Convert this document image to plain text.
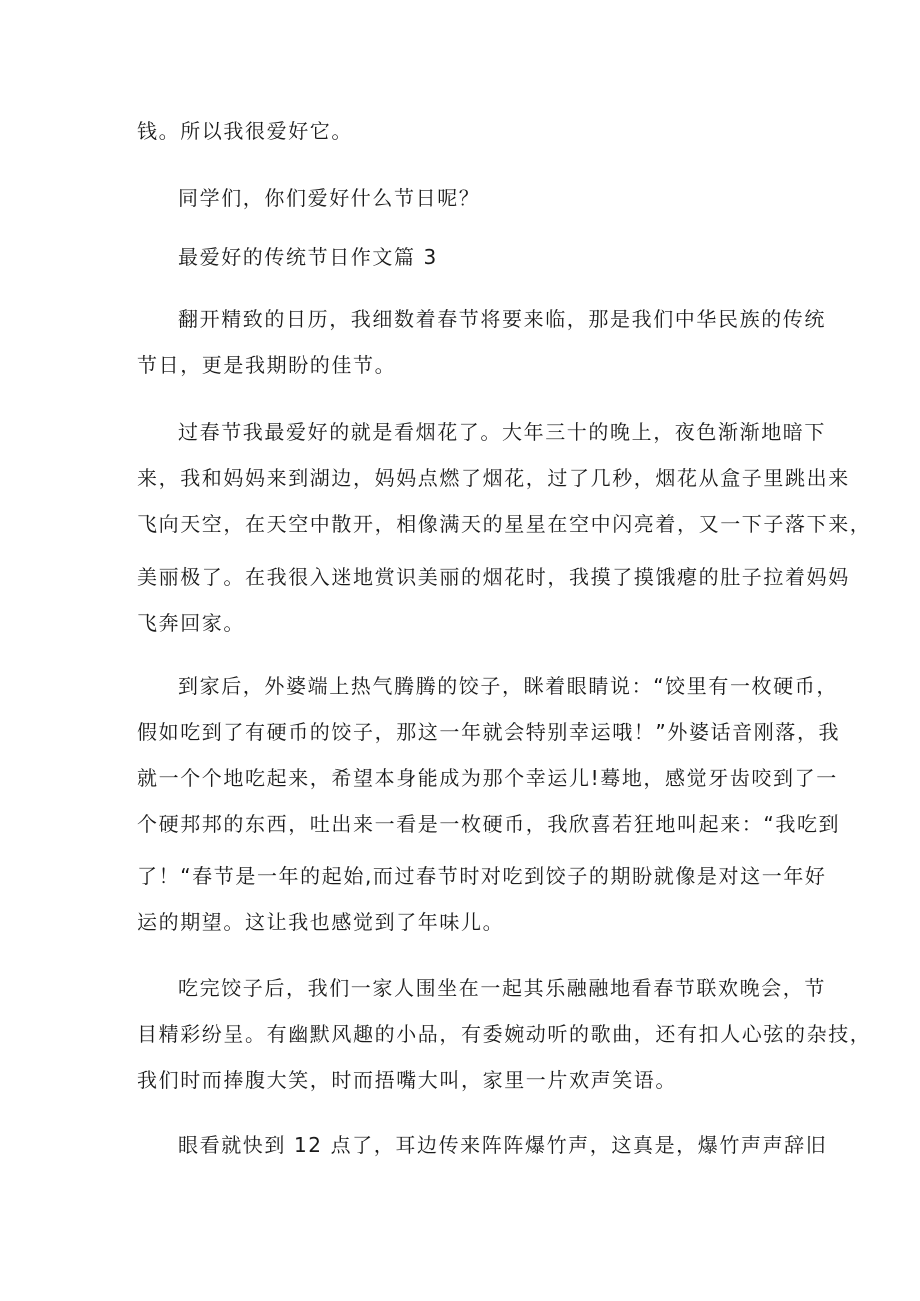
钱。所以我很爱好它。
同学们，你们爱好什么节日呢？
最爱好的传统节日作文篇 3
翻开精致的日历，我细数着春节将要来临，那是我们中华民族的传统
节日，更是我期盼的佳节。
过春节我最爱好的就是看烟花了。大年三十的晚上，夜色渐渐地暗下
来，我和妈妈来到湖边，妈妈点燃了烟花，过了几秒，烟花从盒子里跳出来
飞向天空，在天空中散开，相像满天的星星在空中闪亮着，又一下子落下来，
美丽极了。在我很入迷地赏识美丽的烟花时，我摸了摸饿瘪的肚子拉着妈妈
飞奔回家。
到家后，外婆端上热气腾腾的饺子，眯着眼睛说：“饺里有一枚硬币，
假如吃到了有硬币的饺子，那这一年就会特别幸运哦！”外婆话音刚落，我
就一个个地吃起来，希望本身能成为那个幸运儿!蓦地，感觉牙齿咬到了一
个硬邦邦的东西，吐出来一看是一枚硬币，我欣喜若狂地叫起来：“我吃到
了！“春节是一年的起始,而过春节时对吃到饺子的期盼就像是对这一年好
运的期望。这让我也感觉到了年味儿。
吃完饺子后，我们一家人围坐在一起其乐融融地看春节联欢晚会，节
目精彩纷呈。有幽默风趣的小品，有委婉动听的歌曲，还有扣人心弦的杂技，
我们时而捧腹大笑，时而捂嘴大叫，家里一片欢声笑语。
眼看就快到 12 点了，耳边传来阵阵爆竹声，这真是，爆竹声声辞旧
